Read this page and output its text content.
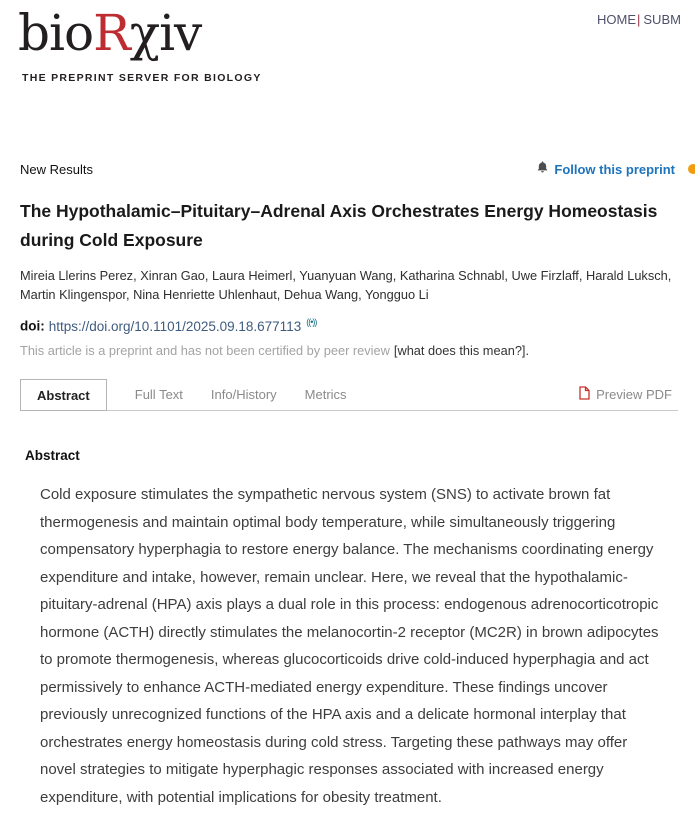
bioRχiv
THE PREPRINT SERVER FOR BIOLOGY
HOME| SUBM
New Results	Follow this preprint
The Hypothalamic–Pituitary–Adrenal Axis Orchestrates Energy Homeostasis during Cold Exposure
Mireia Llerins Perez, Xinran Gao, Laura Heimerl, Yuanyuan Wang, Katharina Schnabl, Uwe Firzlaff, Harald Luksch, Martin Klingenspor, Nina Henriette Uhlenhaut, Dehua Wang, Yongguo Li
doi: https://doi.org/10.1101/2025.09.18.677113 ((•))
This article is a preprint and has not been certified by peer review [what does this mean?].
Abstract	Full Text Info/History Metrics	Preview PDF
Abstract

Cold exposure stimulates the sympathetic nervous system (SNS) to activate brown fat thermogenesis and maintain optimal body temperature, while simultaneously triggering compensatory hyperphagia to restore energy balance. The mechanisms coordinating energy expenditure and intake, however, remain unclear. Here, we reveal that the hypothalamic-pituitary-adrenal (HPA) axis plays a dual role in this process: endogenous adrenocorticotropic hormone (ACTH) directly stimulates the melanocortin-2 receptor (MC2R) in brown adipocytes to promote thermogenesis, whereas glucocorticoids drive cold-induced hyperphagia and act permissively to enhance ACTH-mediated energy expenditure. These findings uncover previously unrecognized functions of the HPA axis and a delicate hormonal interplay that orchestrates energy homeostasis during cold stress. Targeting these pathways may offer novel strategies to mitigate hyperphagic responses associated with increased energy expenditure, with potential implications for obesity treatment.
